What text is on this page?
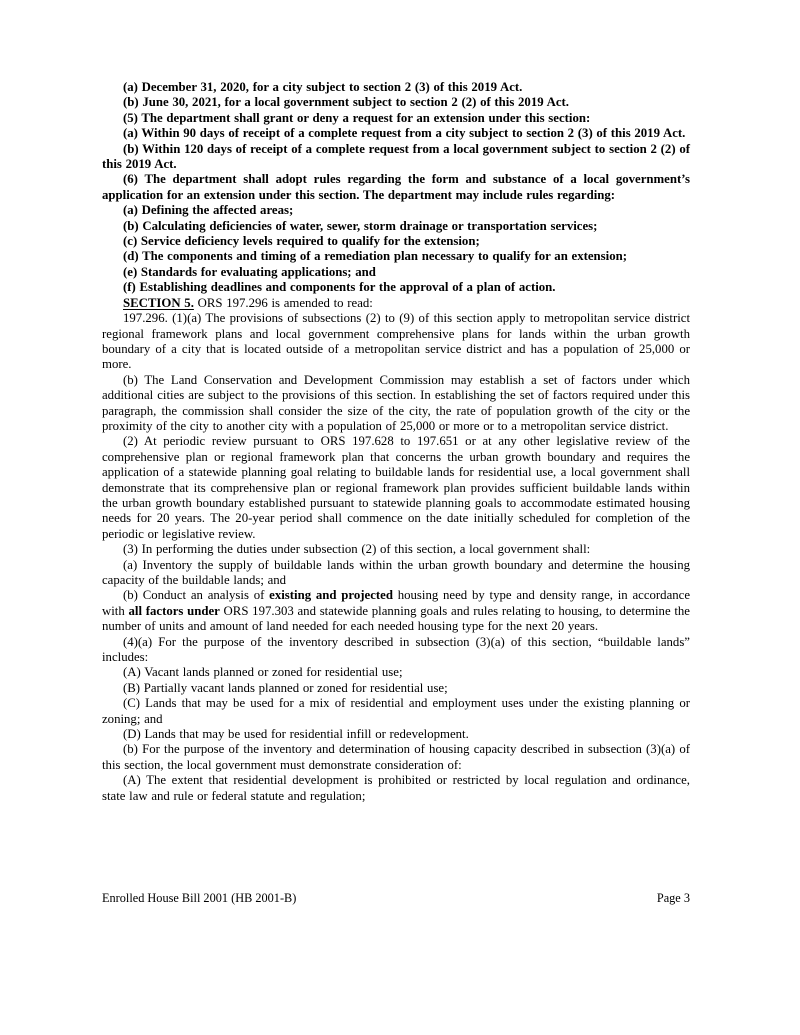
(a) December 31, 2020, for a city subject to section 2 (3) of this 2019 Act.

(b) June 30, 2021, for a local government subject to section 2 (2) of this 2019 Act.

(5) The department shall grant or deny a request for an extension under this section:

(a) Within 90 days of receipt of a complete request from a city subject to section 2 (3) of this 2019 Act.

(b) Within 120 days of receipt of a complete request from a local government subject to section 2 (2) of this 2019 Act.

(6) The department shall adopt rules regarding the form and substance of a local government’s application for an extension under this section. The department may include rules regarding:

(a) Defining the affected areas;

(b) Calculating deficiencies of water, sewer, storm drainage or transportation services;

(c) Service deficiency levels required to qualify for the extension;

(d) The components and timing of a remediation plan necessary to qualify for an extension;

(e) Standards for evaluating applications; and

(f) Establishing deadlines and components for the approval of a plan of action.

SECTION 5. ORS 197.296 is amended to read:

197.296. (1)(a) The provisions of subsections (2) to (9) of this section apply to metropolitan service district regional framework plans and local government comprehensive plans for lands within the urban growth boundary of a city that is located outside of a metropolitan service district and has a population of 25,000 or more.

(b) The Land Conservation and Development Commission may establish a set of factors under which additional cities are subject to the provisions of this section. In establishing the set of factors required under this paragraph, the commission shall consider the size of the city, the rate of population growth of the city or the proximity of the city to another city with a population of 25,000 or more or to a metropolitan service district.

(2) At periodic review pursuant to ORS 197.628 to 197.651 or at any other legislative review of the comprehensive plan or regional framework plan that concerns the urban growth boundary and requires the application of a statewide planning goal relating to buildable lands for residential use, a local government shall demonstrate that its comprehensive plan or regional framework plan provides sufficient buildable lands within the urban growth boundary established pursuant to statewide planning goals to accommodate estimated housing needs for 20 years. The 20-year period shall commence on the date initially scheduled for completion of the periodic or legislative review.

(3) In performing the duties under subsection (2) of this section, a local government shall:

(a) Inventory the supply of buildable lands within the urban growth boundary and determine the housing capacity of the buildable lands; and

(b) Conduct an analysis of existing and projected housing need by type and density range, in accordance with all factors under ORS 197.303 and statewide planning goals and rules relating to housing, to determine the number of units and amount of land needed for each needed housing type for the next 20 years.

(4)(a) For the purpose of the inventory described in subsection (3)(a) of this section, “buildable lands” includes:

(A) Vacant lands planned or zoned for residential use;

(B) Partially vacant lands planned or zoned for residential use;

(C) Lands that may be used for a mix of residential and employment uses under the existing planning or zoning; and

(D) Lands that may be used for residential infill or redevelopment.

(b) For the purpose of the inventory and determination of housing capacity described in subsection (3)(a) of this section, the local government must demonstrate consideration of:

(A) The extent that residential development is prohibited or restricted by local regulation and ordinance, state law and rule or federal statute and regulation;

Enrolled House Bill 2001 (HB 2001-B)	Page 3
